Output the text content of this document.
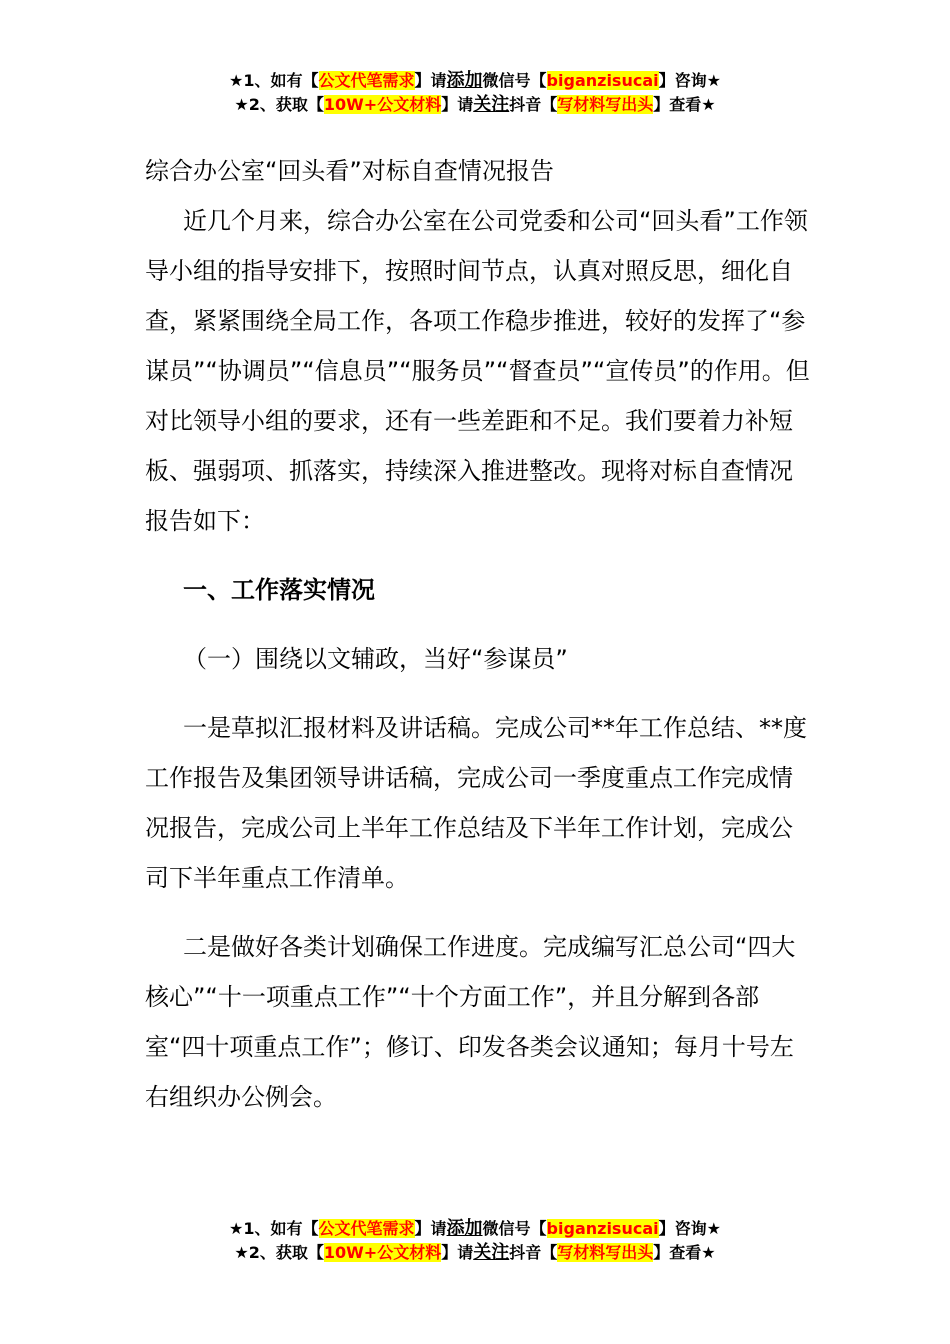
★1、如有【公文代笔需求】请添加微信号【biganzisucai】咨询★
★2、获取【10W+公文材料】请关注抖音【写材料写出头】查看★

综合办公室“回头看”对标自查情况报告

近几个月来，综合办公室在公司党委和公司“回头看”工作领导小组的指导安排下，按照时间节点，认真对照反思，细化自查，紧紧围绕全局工作，各项工作稳步推进，较好的发挥了“参谋员”“协调员”“信息员”“服务员”“督查员”“宣传员”的作用。但对比领导小组的要求，还有一些差距和不足。我们要着力补短板、强弱项、抓落实，持续深入推进整改。现将对标自查情况报告如下：

一、工作落实情况

（一）围绕以文辅政，当好“参谋员”

一是草拟汇报材料及讲话稿。完成公司**年工作总结、**度工作报告及集团领导讲话稿，完成公司一季度重点工作完成情况报告，完成公司上半年工作总结及下半年工作计划，完成公司下半年重点工作清单。

二是做好各类计划确保工作进度。完成编写汇总公司“四大核心”“十一项重点工作”“十个方面工作”，并且分解到各部室“四十项重点工作”；修订、印发各类会议通知；每月十号左右组织办公例会。

★1、如有【公文代笔需求】请添加微信号【biganzisucai】咨询★
★2、获取【10W+公文材料】请关注抖音【写材料写出头】查看★
